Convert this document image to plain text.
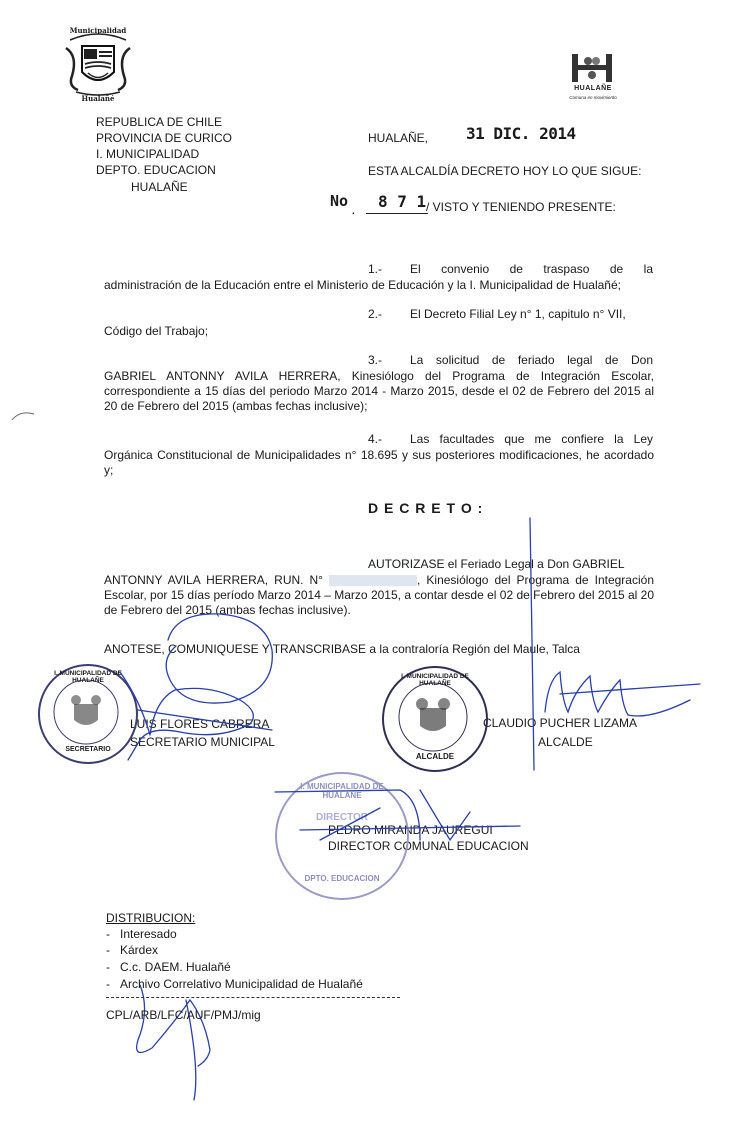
Municipalidad
Hualañé
HUALAÑE
Comuna en movimiento
REPUBLICA DE CHILE
PROVINCIA DE CURICO
I. MUNICIPALIDAD
DEPTO. EDUCACION
HUALAÑE
HUALAÑE, 31 DIC. 2014
ESTA ALCALDÍA DECRETO HOY LO QUE SIGUE:
No
.
8 7 1 / VISTO Y TENIENDO PRESENTE:
1.- El convenio de traspaso de la
administración de la Educación entre el Ministerio de Educación y la I. Municipalidad de Hualañé;
2.- El Decreto Filial Ley n° 1, capitulo n° VII,
Código del Trabajo;
3.- La solicitud de feriado legal de Don
GABRIEL ANTONNY AVILA HERRERA, Kinesiólogo del Programa de Integración Escolar, correspondiente a 15 días del periodo Marzo 2014 - Marzo 2015, desde el 02 de Febrero del 2015 al 20 de Febrero del 2015 (ambas fechas inclusive);
4.- Las facultades que me confiere la Ley
Orgánica Constitucional de Municipalidades n° 18.695 y sus posteriores modificaciones, he acordado y;
D E C R E T O :
AUTORIZASE el Feriado Legal a Don GABRIEL
ANTONNY AVILA HERRERA, RUN. N°	, Kinesiólogo del Programa de Integración Escolar, por 15 días período Marzo 2014 – Marzo 2015, a contar desde el 02 de Febrero del 2015 al 20 de Febrero del 2015 (ambas fechas inclusive).
ANOTESE, COMUNIQUESE Y TRANSCRIBASE a la contraloría Región del Maule, Talca
LUIS FLORES CABRERA
SECRETARIO MUNICIPAL
CLAUDIO PUCHER LIZAMA
ALCALDE
PEDRO MIRANDA JAUREGUI
DIRECTOR COMUNAL EDUCACION
I. MUNICIPALIDAD DE HUALAÑE
SECRETARIO
I. MUNICIPALIDAD DE HUALAÑE
ALCALDE
I. MUNICIPALIDAD DE HUALAÑE
DIRECTOR
DPTO. EDUCACION
DISTRIBUCION:
-   Interesado
-   Kárdex
-   C.c. DAEM. Hualañé
-   Archivo Correlativo Municipalidad de Hualañé
CPL/ARB/LFC/AUF/PMJ/mig
